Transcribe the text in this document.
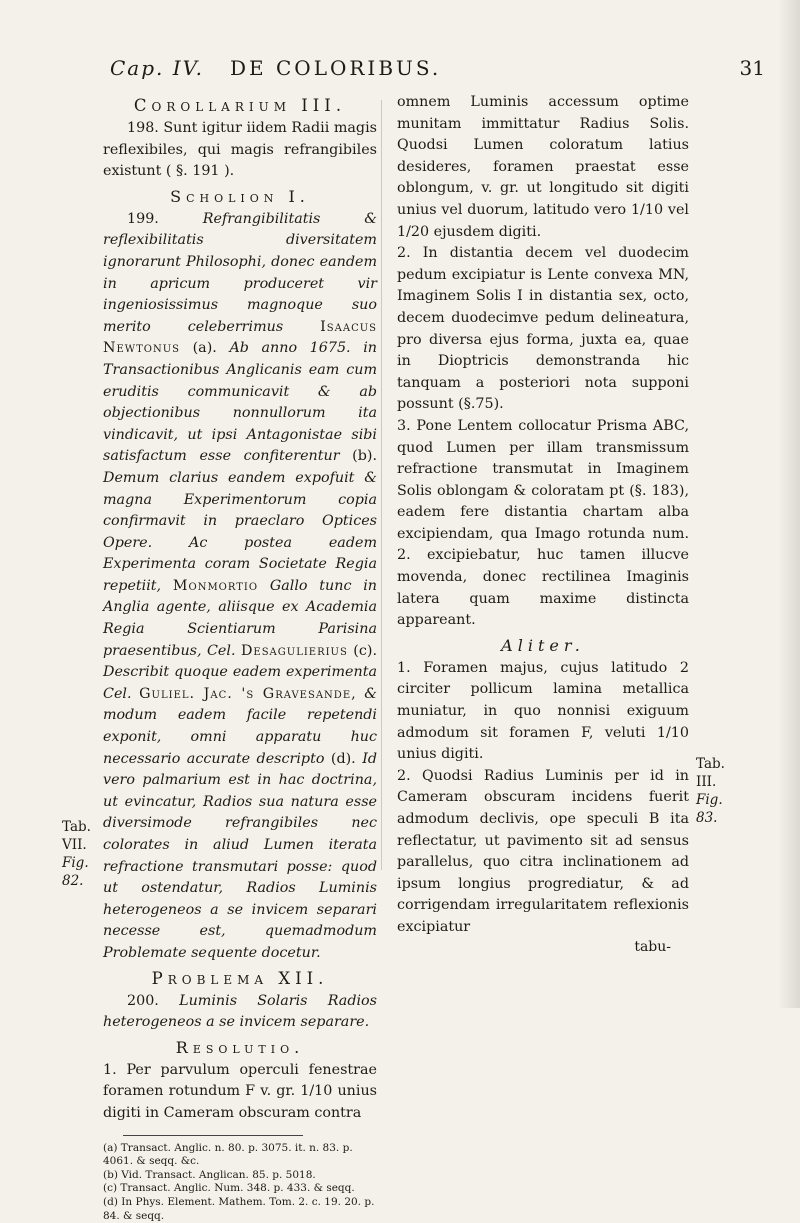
Cap. IV. DE COLORIBUS.	31
Corollarium III.

198. Sunt igitur iidem Radii magis reflexibiles, qui magis refrangibiles existunt ( §. 191 ).

Scholion I.

199.	Refrangibilitatis & reflexibilitatis diversitatem ignorarunt Philosophi, donec eandem in apricum produceret vir ingeniosissimus magnoque suo merito celeberrimus	Isaacus Newtonus (a). Ab anno 1675. in Transactionibus Anglicanis eam cum eruditis communicavit & ab objectionibus nonnullorum ita vindicavit, ut ipsi Antagonistae sibi satisfactum esse confiterentur (b). Demum clarius eandem expofuit & magna Experimentorum copia confirmavit in praeclaro Optices Opere. Ac postea eadem Experimenta coram Societate Regia repetiit, Monmortio Gallo tunc in Anglia agente, aliisque ex Academia Regia Scientiarum Parisina praesentibus, Cel. Desagulierius (c). Describit quoque eadem experimenta Cel. Guliel. Jac. 's Gravesande, & modum eadem facile repetendi exponit, omni apparatu huc necessario accurate descripto (d). Id vero palmarium est in hac doctrina, ut evincatur, Radios sua natura esse diversimode refrangibiles nec colorates in aliud Lumen iterata refractione transmutari posse: quod ut ostendatur, Radios Luminis heterogeneos a se invicem separari necesse est, quemadmodum Problemate sequente docetur.

Problema XII.

200. Luminis Solaris Radios heterogeneos a se invicem separare.

Resolutio.

1. Per parvulum operculi fenestrae foramen rotundum F v. gr. 1/10 unius digiti in Cameram obscuram contra

(a) Transact. Anglic. n. 80. p. 3075. it. n. 83. p. 4061. & seqq. &c.
(b) Vid. Transact. Anglican. 85. p. 5018.
(c) Transact. Anglic. Num. 348. p. 433. & seqq.
(d) In Phys. Element. Mathem. Tom. 2. c. 19. 20. p. 84. & seqq.
Tab. VII.
Fig. 82.

omnem Luminis accessum optime munitam immittatur Radius Solis. Quodsi Lumen coloratum latius desideres, foramen praestat esse oblongum, v. gr. ut longitudo sit digiti unius vel duorum, latitudo vero 1/10 vel 1/20 ejusdem digiti.

2. In distantia decem vel duodecim pedum excipiatur is Lente convexa MN, Imaginem Solis I in distantia sex, octo, decem duodecimve pedum delineatura, pro diversa ejus forma, juxta ea, quae in Dioptricis demonstranda hic tanquam a posteriori nota supponi possunt (§.75).

3. Pone Lentem collocatur Prisma ABC, quod Lumen per illam transmissum refractione transmutat in Imaginem Solis oblongam & coloratam pt (§. 183), eadem fere distantia chartam alba excipiendam, qua Imago rotunda num. 2. excipiebatur, huc tamen illucve movenda, donec rectilinea Imaginis latera quam maxime distincta appareant.

Aliter.

1. Foramen majus, cujus latitudo 2 circiter pollicum lamina metallica muniatur, in quo nonnisi exiguum admodum sit foramen F, veluti 1/10 unius digiti.

2. Quodsi Radius Luminis per id in Cameram obscuram incidens fuerit admodum declivis, ope speculi B ita reflectatur, ut pavimento sit ad sensus parallelus, quo citra inclinationem ad ipsum longius progrediatur, & ad corrigendam irregularitatem reflexionis excipiatur

tabu-
Tab. III.
Fig. 83.
